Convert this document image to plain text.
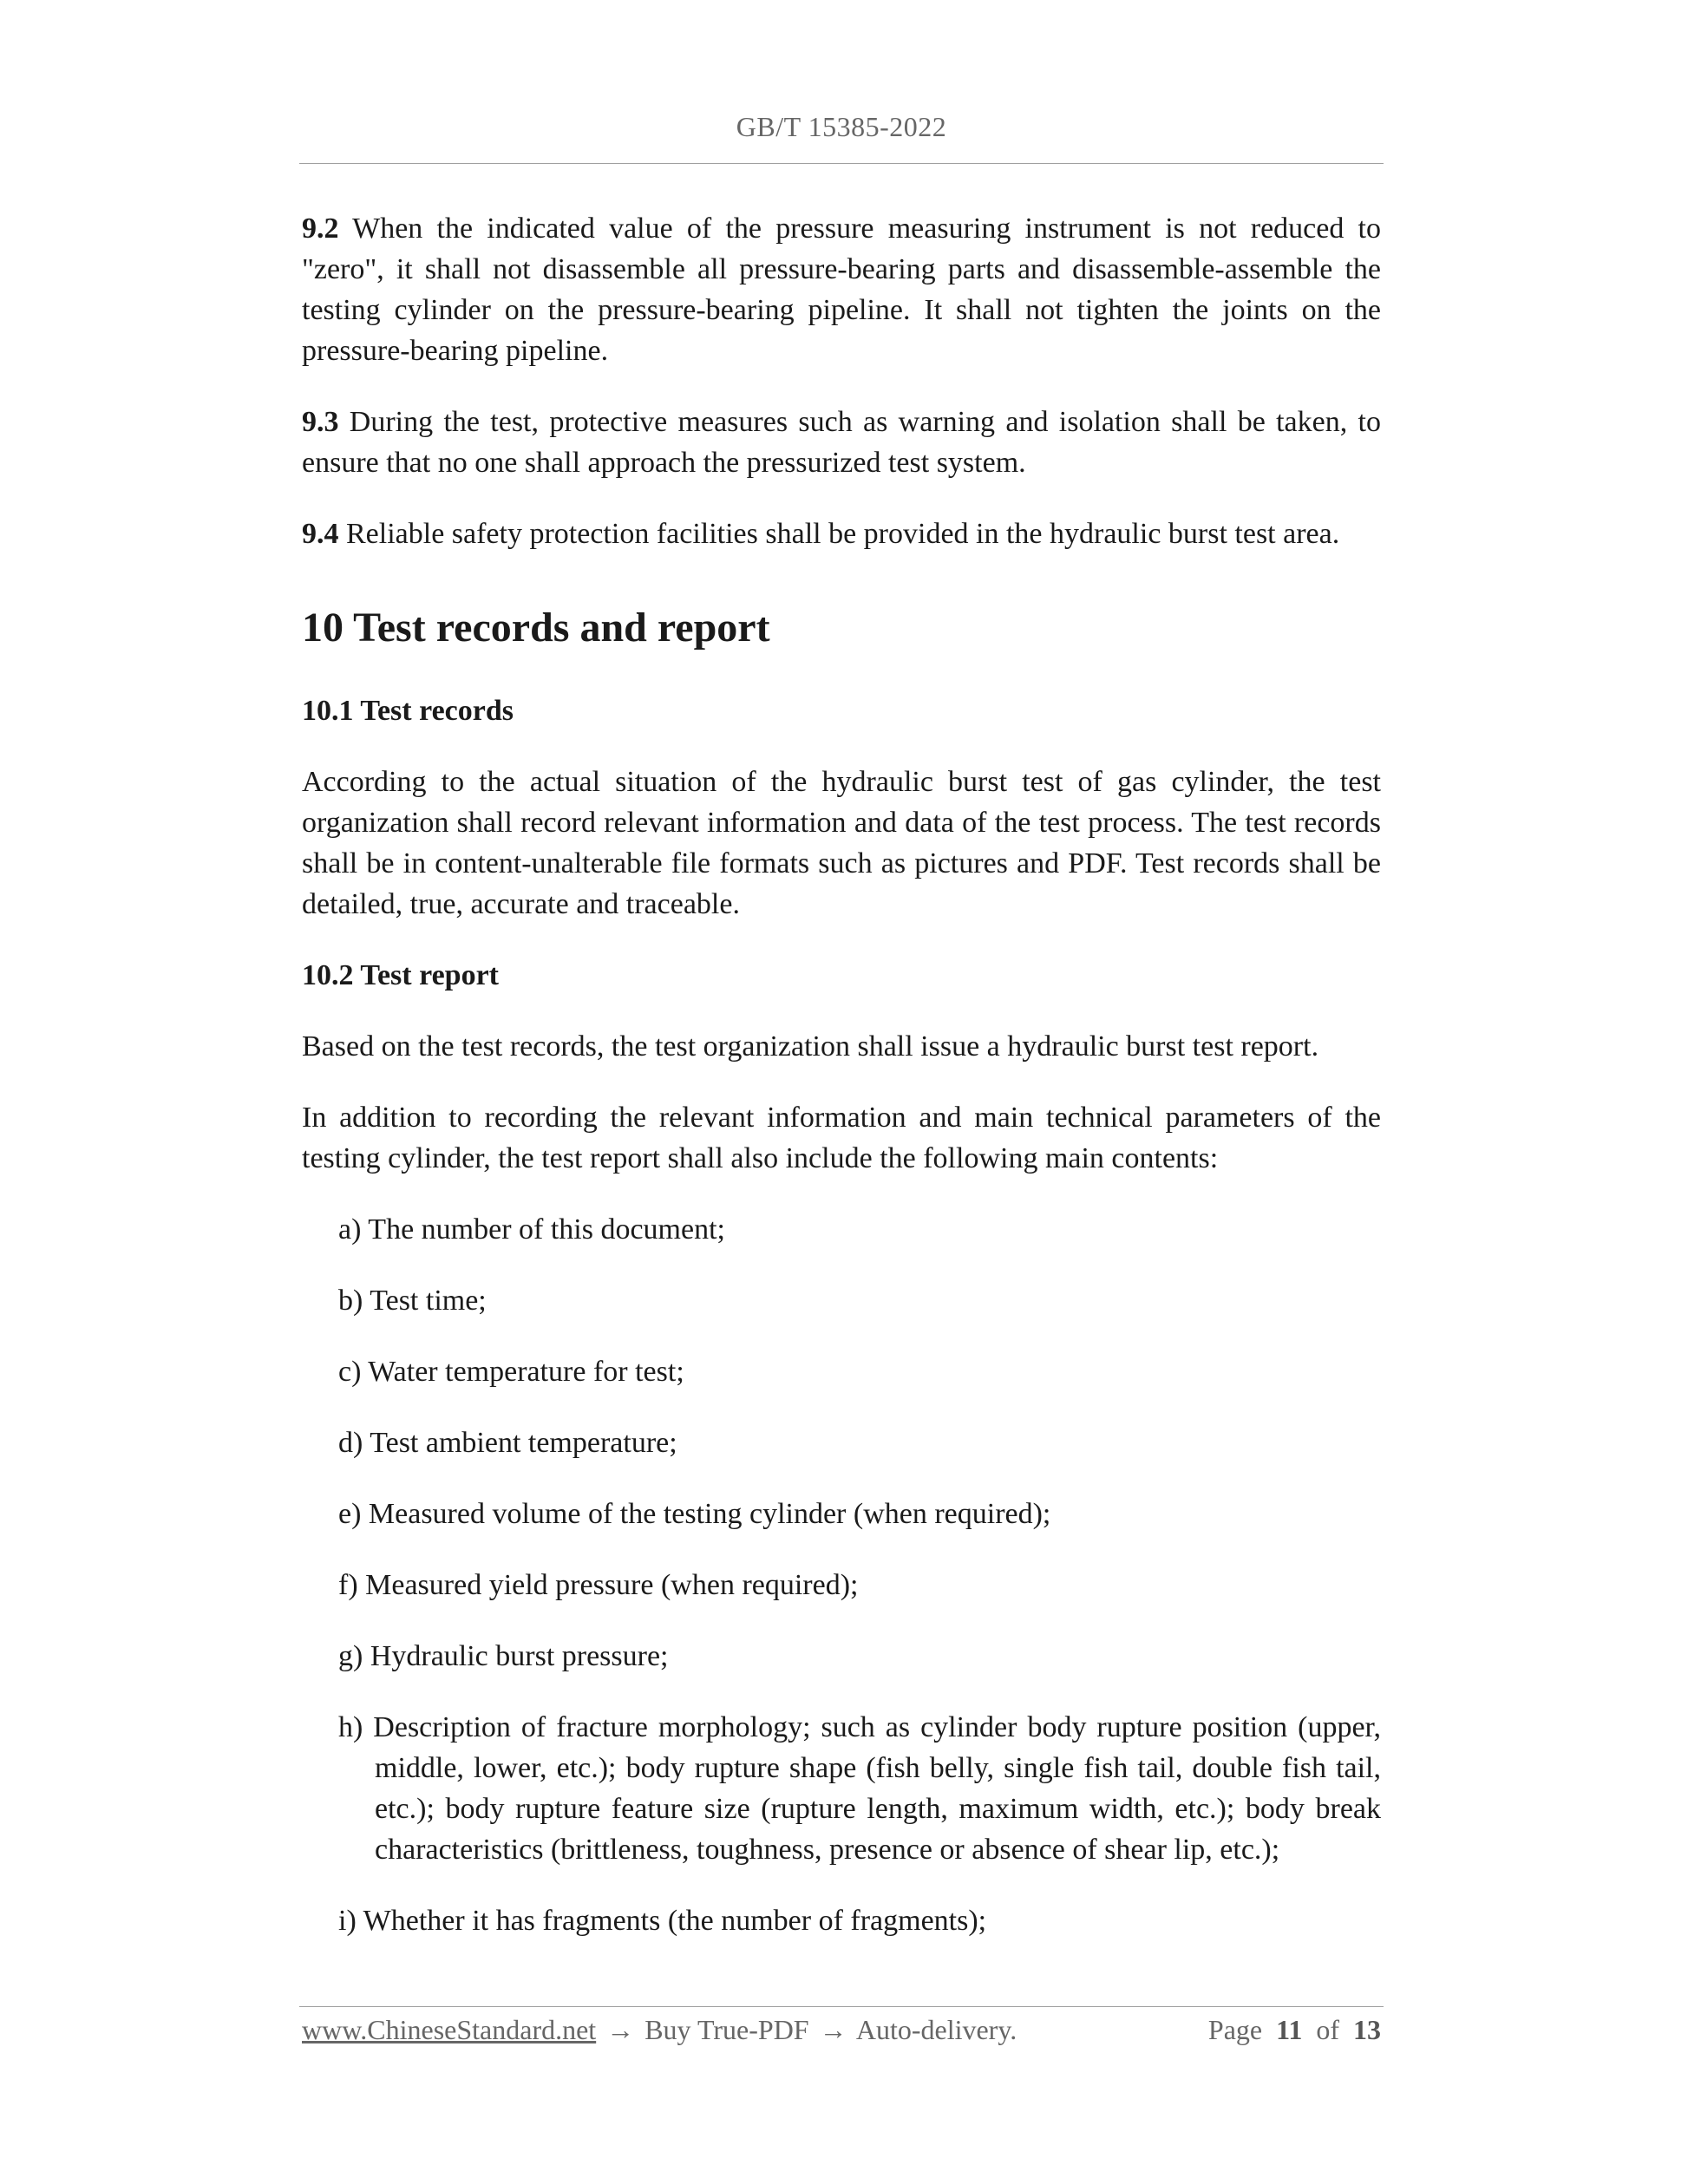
GB/T 15385-2022

9.2 When the indicated value of the pressure measuring instrument is not reduced to "zero", it shall not disassemble all pressure-bearing parts and disassemble-assemble the testing cylinder on the pressure-bearing pipeline. It shall not tighten the joints on the pressure-bearing pipeline.

9.3 During the test, protective measures such as warning and isolation shall be taken, to ensure that no one shall approach the pressurized test system.

9.4 Reliable safety protection facilities shall be provided in the hydraulic burst test area.

10 Test records and report
10.1 Test records

According to the actual situation of the hydraulic burst test of gas cylinder, the test organization shall record relevant information and data of the test process. The test records shall be in content-unalterable file formats such as pictures and PDF. Test records shall be detailed, true, accurate and traceable.

10.2 Test report

Based on the test records, the test organization shall issue a hydraulic burst test report.

In addition to recording the relevant information and main technical parameters of the testing cylinder, the test report shall also include the following main contents:

a) The number of this document;
b) Test time;
c) Water temperature for test;
d) Test ambient temperature;
e) Measured volume of the testing cylinder (when required);
f) Measured yield pressure (when required);
g) Hydraulic burst pressure;
h) Description of fracture morphology; such as cylinder body rupture position (upper, middle, lower, etc.); body rupture shape (fish belly, single fish tail, double fish tail, etc.); body rupture feature size (rupture length, maximum width, etc.); body break characteristics (brittleness, toughness, presence or absence of shear lip, etc.);
i) Whether it has fragments (the number of fragments);
www.ChineseStandard.net → Buy True-PDF → Auto-delivery.	Page 11 of 13
